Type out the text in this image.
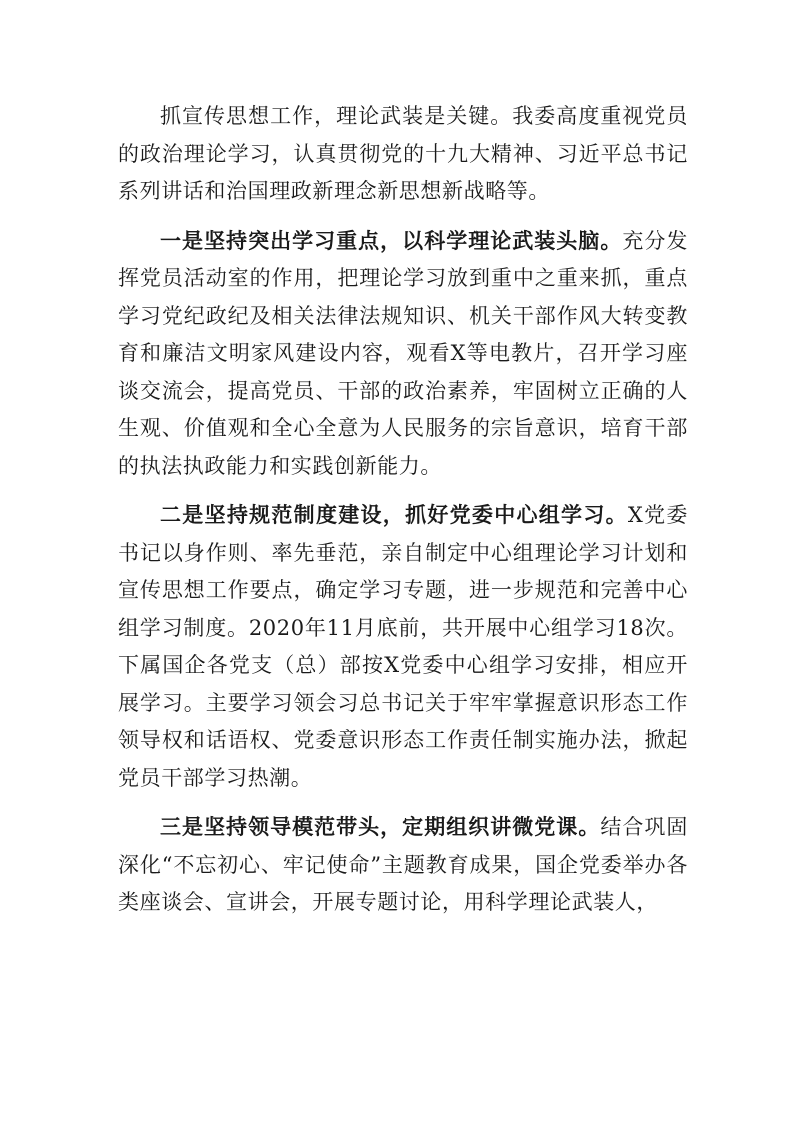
抓宣传思想工作，理论武装是关键。我委高度重视党员的政治理论学习，认真贯彻党的十九大精神、习近平总书记系列讲话和治国理政新理念新思想新战略等。

一是坚持突出学习重点，以科学理论武装头脑。充分发挥党员活动室的作用，把理论学习放到重中之重来抓，重点学习党纪政纪及相关法律法规知识、机关干部作风大转变教育和廉洁文明家风建设内容，观看X等电教片，召开学习座谈交流会，提高党员、干部的政治素养，牢固树立正确的人生观、价值观和全心全意为人民服务的宗旨意识，培育干部的执法执政能力和实践创新能力。

二是坚持规范制度建设，抓好党委中心组学习。X党委书记以身作则、率先垂范，亲自制定中心组理论学习计划和宣传思想工作要点，确定学习专题，进一步规范和完善中心组学习制度。2020年11月底前，共开展中心组学习18次。下属国企各党支（总）部按X党委中心组学习安排，相应开展学习。主要学习领会习总书记关于牢牢掌握意识形态工作领导权和话语权、党委意识形态工作责任制实施办法，掀起党员干部学习热潮。

三是坚持领导模范带头，定期组织讲微党课。结合巩固深化“不忘初心、牢记使命”主题教育成果，国企党委举办各类座谈会、宣讲会，开展专题讨论，用科学理论武装人，
